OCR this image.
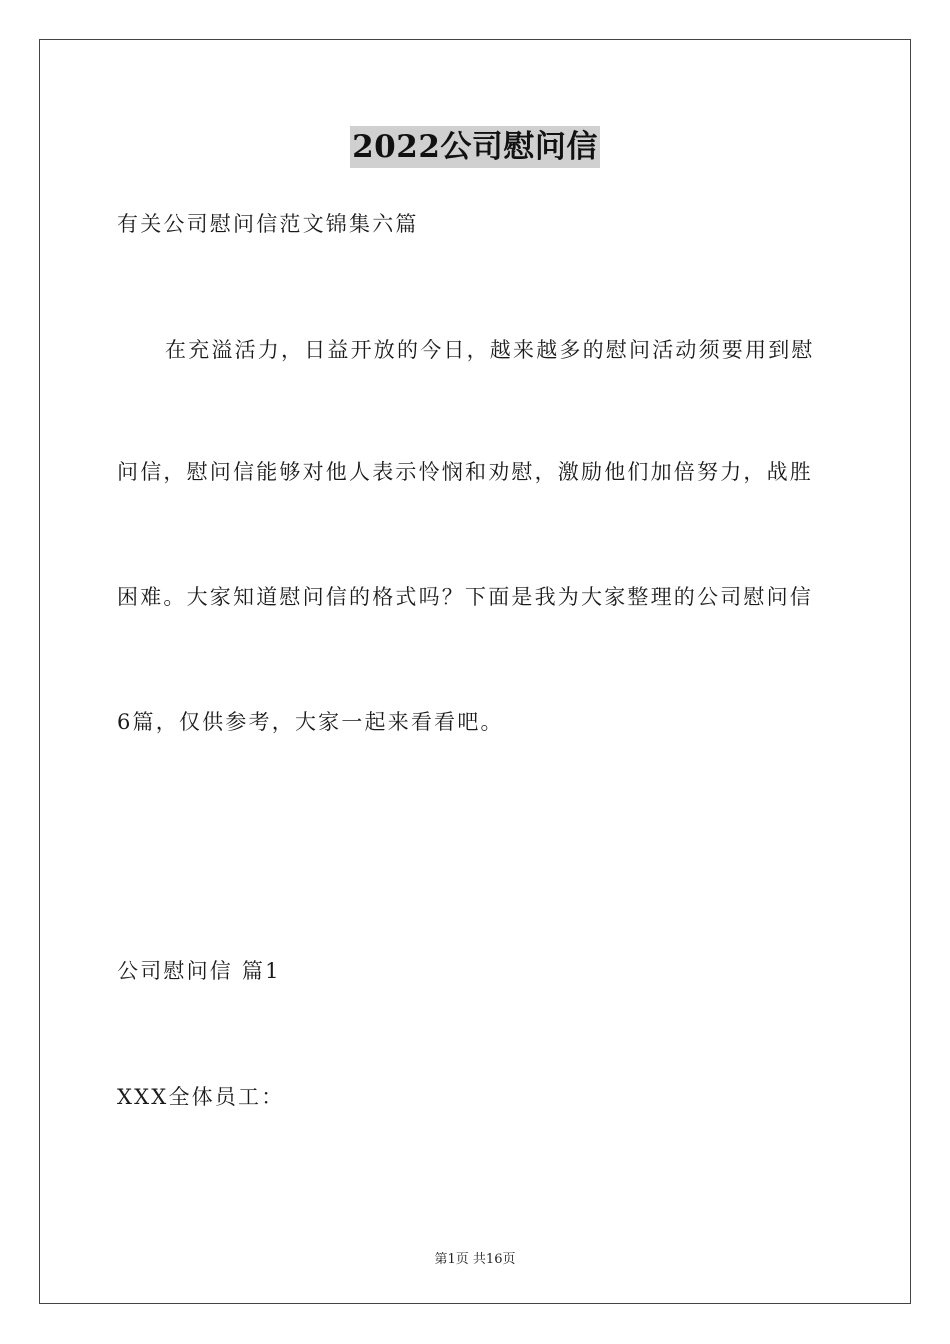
2022公司慰问信
有关公司慰问信范文锦集六篇
在充溢活力，日益开放的今日，越来越多的慰问活动须要用到慰
问信，慰问信能够对他人表示怜悯和劝慰，激励他们加倍努力，战胜
困难。大家知道慰问信的格式吗？下面是我为大家整理的公司慰问信
6篇，仅供参考，大家一起来看看吧。
公司慰问信 篇1
XXX全体员工：
第1页 共16页
